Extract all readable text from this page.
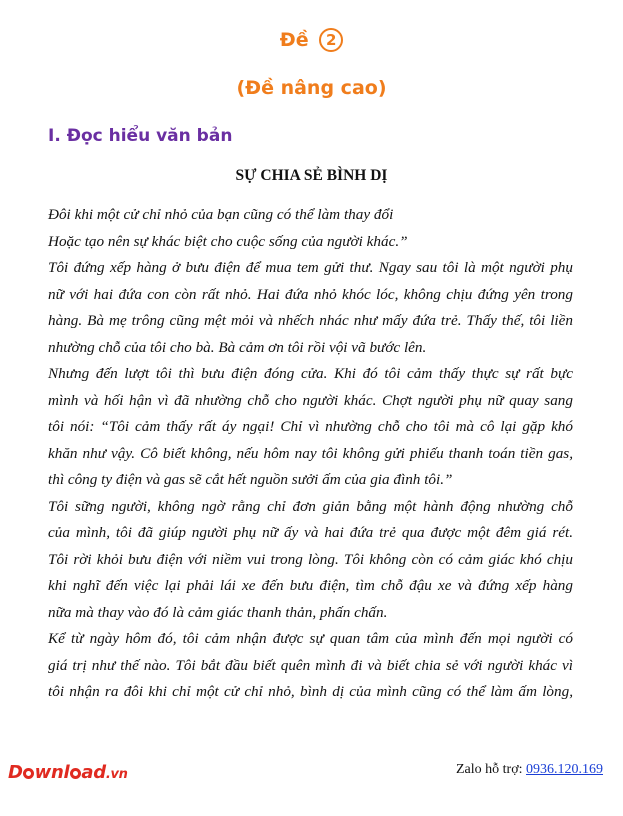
Đề 2
(Đề nâng cao)
I. Đọc hiểu văn bản
SỰ CHIA SẺ BÌNH DỊ
Đôi khi một cử chỉ nhỏ của bạn cũng có thể làm thay đổi
Hoặc tạo nên sự khác biệt cho cuộc sống của người khác.”
Tôi đứng xếp hàng ở bưu điện để mua tem gửi thư. Ngay sau tôi là một người phụ
nữ với hai đứa con còn rất nhỏ. Hai đứa nhỏ khóc lóc, không chịu đứng yên trong
hàng. Bà mẹ trông cũng mệt mỏi và nhếch nhác như mấy đứa trẻ. Thấy thế, tôi liền
nhường chỗ của tôi cho bà. Bà cảm ơn tôi rồi vội vã bước lên.
Nhưng đến lượt tôi thì bưu điện đóng cửa. Khi đó tôi cảm thấy thực sự rất bực
mình và hối hận vì đã nhường chỗ cho người khác. Chợt người phụ nữ quay sang
tôi nói: “Tôi cảm thấy rất áy ngại! Chỉ vì nhường chỗ cho tôi mà cô lại gặp khó
khăn như vậy. Cô biết không, nếu hôm nay tôi không gửi phiếu thanh toán tiền gas,
thì công ty điện và gas sẽ cắt hết nguồn sưởi ấm của gia đình tôi.”
Tôi sững người, không ngờ rằng chỉ đơn giản bằng một hành động nhường chỗ
của mình, tôi đã giúp người phụ nữ ấy và hai đứa trẻ qua được một đêm giá rét.
Tôi rời khỏi bưu điện với niềm vui trong lòng. Tôi không còn có cảm giác khó chịu
khi nghĩ đến việc lại phải lái xe đến bưu điện, tìm chỗ đậu xe và đứng xếp hàng
nữa mà thay vào đó là cảm giác thanh thản, phấn chấn.
Kể từ ngày hôm đó, tôi cảm nhận được sự quan tâm của mình đến mọi người có
giá trị như thế nào. Tôi bắt đầu biết quên mình đi và biết chia sẻ với người khác vì
tôi nhận ra đôi khi chỉ một cử chỉ nhỏ, bình dị của mình cũng có thể làm ấm lòng,
D wnl ad.vn	Zalo hỗ trợ: 0936.120.169
